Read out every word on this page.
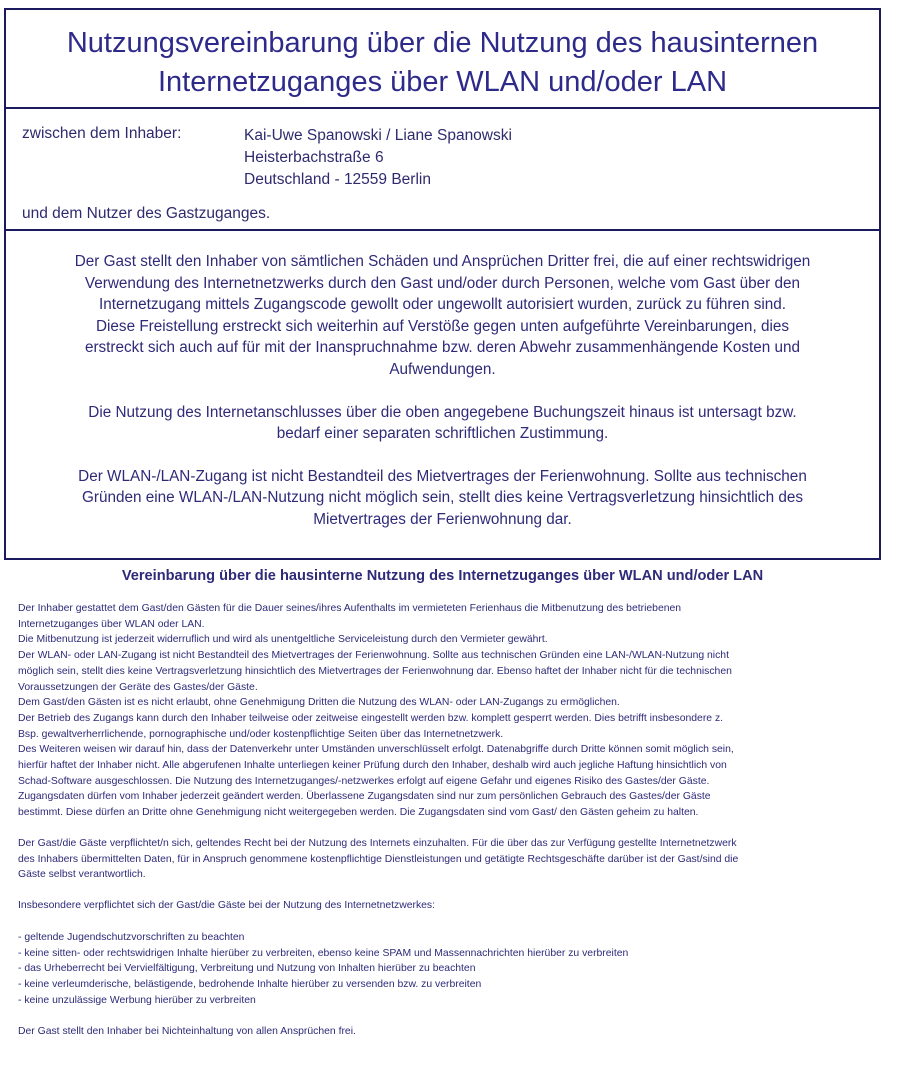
Nutzungsvereinbarung über die Nutzung des hausinternen
Internetzuganges über WLAN und/oder LAN
zwischen dem Inhaber:	Kai-Uwe Spanowski / Liane Spanowski
Heisterbachstraße 6
Deutschland - 12559 Berlin
und dem Nutzer des Gastzuganges.

Der Gast stellt den Inhaber von sämtlichen Schäden und Ansprüchen Dritter frei, die auf einer rechtswidrigen
Verwendung des Internetnetzwerks durch den Gast und/oder durch Personen, welche vom Gast über den
Internetzugang mittels Zugangscode gewollt oder ungewollt autorisiert wurden, zurück zu führen sind.
Diese Freistellung erstreckt sich weiterhin auf Verstöße gegen unten aufgeführte Vereinbarungen, dies
erstreckt sich auch auf für mit der Inanspruchnahme bzw. deren Abwehr zusammenhängende Kosten und
Aufwendungen.

Die Nutzung des Internetanschlusses über die oben angegebene Buchungszeit hinaus ist untersagt bzw.
bedarf einer separaten schriftlichen Zustimmung.

Der WLAN-/LAN-Zugang ist nicht Bestandteil des Mietvertrages der Ferienwohnung. Sollte aus technischen
Gründen eine WLAN-/LAN-Nutzung nicht möglich sein, stellt dies keine Vertragsverletzung hinsichtlich des
Mietvertrages der Ferienwohnung dar.

Vereinbarung über die hausinterne Nutzung des Internetzuganges über WLAN und/oder LAN
Der Inhaber gestattet dem Gast/den Gästen für die Dauer seines/ihres Aufenthalts im vermieteten Ferienhaus die Mitbenutzung des betriebenen
Internetzuganges über WLAN oder LAN.
Die Mitbenutzung ist jederzeit widerruflich und wird als unentgeltliche Serviceleistung durch den Vermieter gewährt.
Der WLAN- oder LAN-Zugang ist nicht Bestandteil des Mietvertrages der Ferienwohnung. Sollte aus technischen Gründen eine LAN-/WLAN-Nutzung nicht
möglich sein, stellt dies keine Vertragsverletzung hinsichtlich des Mietvertrages der Ferienwohnung dar. Ebenso haftet der Inhaber nicht für die technischen
Voraussetzungen der Geräte des Gastes/der Gäste.
Dem Gast/den Gästen ist es nicht erlaubt, ohne Genehmigung Dritten die Nutzung des WLAN- oder LAN-Zugangs zu ermöglichen.
Der Betrieb des Zugangs kann durch den Inhaber teilweise oder zeitweise eingestellt werden bzw. komplett gesperrt werden. Dies betrifft insbesondere z.
Bsp. gewaltverherrlichende, pornographische und/oder kostenpflichtige Seiten über das Internetnetzwerk.
Des Weiteren weisen wir darauf hin, dass der Datenverkehr unter Umständen unverschlüsselt erfolgt. Datenabgriffe durch Dritte können somit möglich sein,
hierfür haftet der Inhaber nicht. Alle abgerufenen Inhalte unterliegen keiner Prüfung durch den Inhaber, deshalb wird auch jegliche Haftung hinsichtlich von
Schad-Software ausgeschlossen. Die Nutzung des Internetzuganges/-netzwerkes erfolgt auf eigene Gefahr und eigenes Risiko des Gastes/der Gäste.
Zugangsdaten dürfen vom Inhaber jederzeit geändert werden. Überlassene Zugangsdaten sind nur zum persönlichen Gebrauch des Gastes/der Gäste
bestimmt. Diese dürfen an Dritte ohne Genehmigung nicht weitergegeben werden. Die Zugangsdaten sind vom Gast/ den Gästen geheim zu halten.
Der Gast/die Gäste verpflichtet/n sich, geltendes Recht bei der Nutzung des Internets einzuhalten. Für die über das zur Verfügung gestellte Internetnetzwerk
des Inhabers übermittelten Daten, für in Anspruch genommene kostenpflichtige Dienstleistungen und getätigte Rechtsgeschäfte darüber ist der Gast/sind die
Gäste selbst verantwortlich.
Insbesondere verpflichtet sich der Gast/die Gäste bei der Nutzung des Internetnetzwerkes:
- geltende Jugendschutzvorschriften zu beachten
- keine sitten- oder rechtswidrigen Inhalte hierüber zu verbreiten, ebenso keine SPAM und Massennachrichten hierüber zu verbreiten
- das Urheberrecht bei Vervielfältigung, Verbreitung und Nutzung von Inhalten hierüber zu beachten
- keine verleumderische, belästigende, bedrohende Inhalte hierüber zu versenden bzw. zu verbreiten
- keine unzulässige Werbung hierüber zu verbreiten
Der Gast stellt den Inhaber bei Nichteinhaltung von allen Ansprüchen frei.
